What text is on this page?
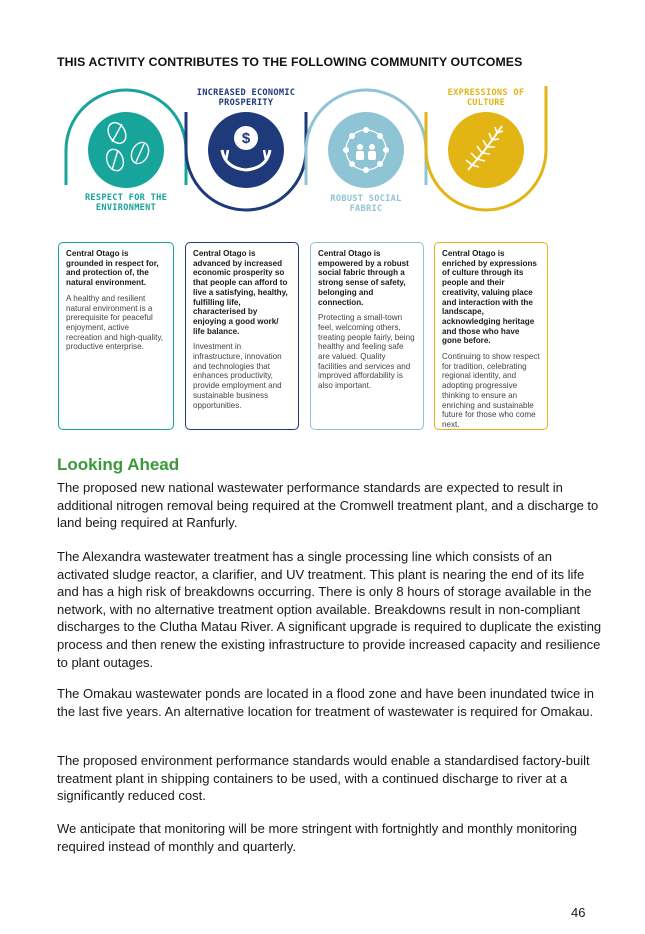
THIS ACTIVITY CONTRIBUTES TO THE FOLLOWING COMMUNITY OUTCOMES
$
RESPECT FOR THE
ENVIRONMENT
INCREASED ECONOMIC
PROSPERITY
ROBUST SOCIAL
FABRIC
EXPRESSIONS OF
CULTURE

Central Otago is grounded in respect for, and protection of, the natural environment.

A healthy and resilient natural environment is a prerequisite for peaceful enjoyment, active recreation and high-quality, productive enterprise.

Central Otago is advanced by increased economic prosperity so that people can afford to live a satisfying, healthy, fulfilling life, characterised by enjoying a good work/ life balance.

Investment in infrastructure, innovation and technologies that enhances productivity, provide employment and sustainable business opportunities.

Central Otago is empowered by a robust social fabric through a strong sense of safety, belonging and connection.

Protecting a small-town feel, welcoming others, treating people fairly, being healthy and feeling safe are valued. Quality facilities and services and improved affordability is also important.

Central Otago is enriched by expressions of culture through its people and their creativity, valuing place and interaction with the landscape, acknowledging heritage and those who have gone before.

Continuing to show respect for tradition, celebrating regional identity, and adopting progressive thinking to ensure an enriching and sustainable future for those who come next.

Looking Ahead

The proposed new national wastewater performance standards are expected to result in additional nitrogen removal being required at the Cromwell treatment plant, and a discharge to land being required at Ranfurly.

The Alexandra wastewater treatment has a single processing line which consists of an activated sludge reactor, a clarifier, and UV treatment. This plant is nearing the end of its life and has a high risk of breakdowns occurring. There is only 8 hours of storage available in the network, with no alternative treatment option available. Breakdowns result in non-compliant discharges to the Clutha Matau River. A significant upgrade is required to duplicate the existing process and then renew the existing infrastructure to provide increased capacity and resilience to plant outages.

The Omakau wastewater ponds are located in a flood zone and have been inundated twice in the last five years. An alternative location for treatment of wastewater is required for Omakau.

The proposed environment performance standards would enable a standardised factory-built treatment plant in shipping containers to be used, with a continued discharge to river at a significantly reduced cost.

We anticipate that monitoring will be more stringent with fortnightly and monthly monitoring required instead of monthly and quarterly.

46
